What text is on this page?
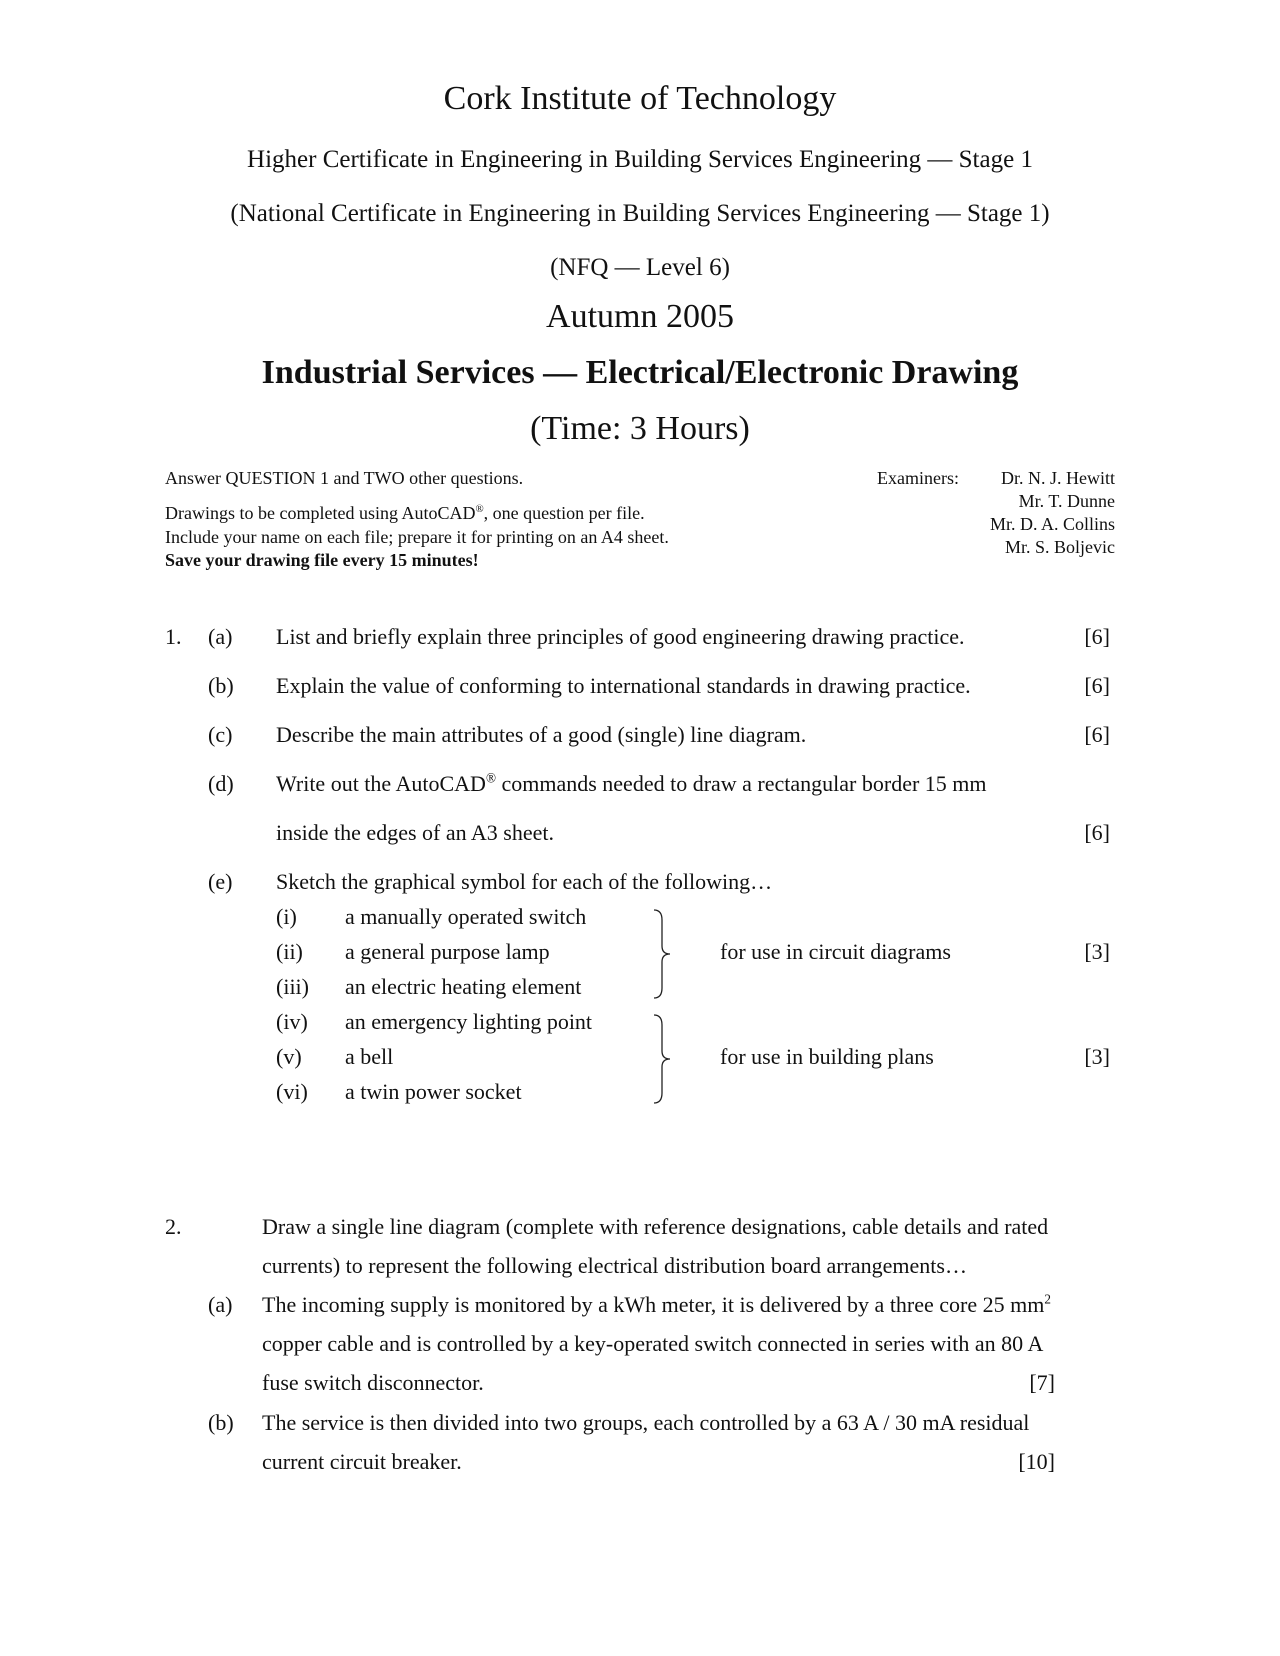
Cork Institute of Technology
Higher Certificate in Engineering in Building Services Engineering — Stage 1
(National Certificate in Engineering in Building Services Engineering — Stage 1)
(NFQ — Level 6)
Autumn 2005
Industrial Services — Electrical/Electronic Drawing
(Time: 3 Hours)
Answer QUESTION 1 and TWO other questions.
Drawings to be completed using AutoCAD®, one question per file.
Include your name on each file; prepare it for printing on an A4 sheet.
Save your drawing file every 15 minutes!
Examiners: Dr. N. J. Hewitt
Mr. T. Dunne
Mr. D. A. Collins
Mr. S. Boljevic
1. (a) List and briefly explain three principles of good engineering drawing practice.	[6]
(b) Explain the value of conforming to international standards in drawing practice.	[6]
(c) Describe the main attributes of a good (single) line diagram.	[6]
(d) Write out the AutoCAD® commands needed to draw a rectangular border 15 mm
inside the edges of an A3 sheet.	[6]
(e) Sketch the graphical symbol for each of the following…
(i) a manually operated switch
(ii) a general purpose lamp
(iii) an electric heating element
(iv) an emergency lighting point
(v) a bell
(vi) a twin power socket
for use in circuit diagrams	[3]
for use in building plans	[3]
2.	Draw a single line diagram (complete with reference designations, cable details and rated
currents) to represent the following electrical distribution board arrangements…
(a) The incoming supply is monitored by a kWh meter, it is delivered by a three core 25 $mm^2$
copper cable and is controlled by a key-operated switch connected in series with an 80 A
fuse switch disconnector.	[7]
(b) The service is then divided into two groups, each controlled by a 63 A / 30 mA residual
current circuit breaker.	[10]
